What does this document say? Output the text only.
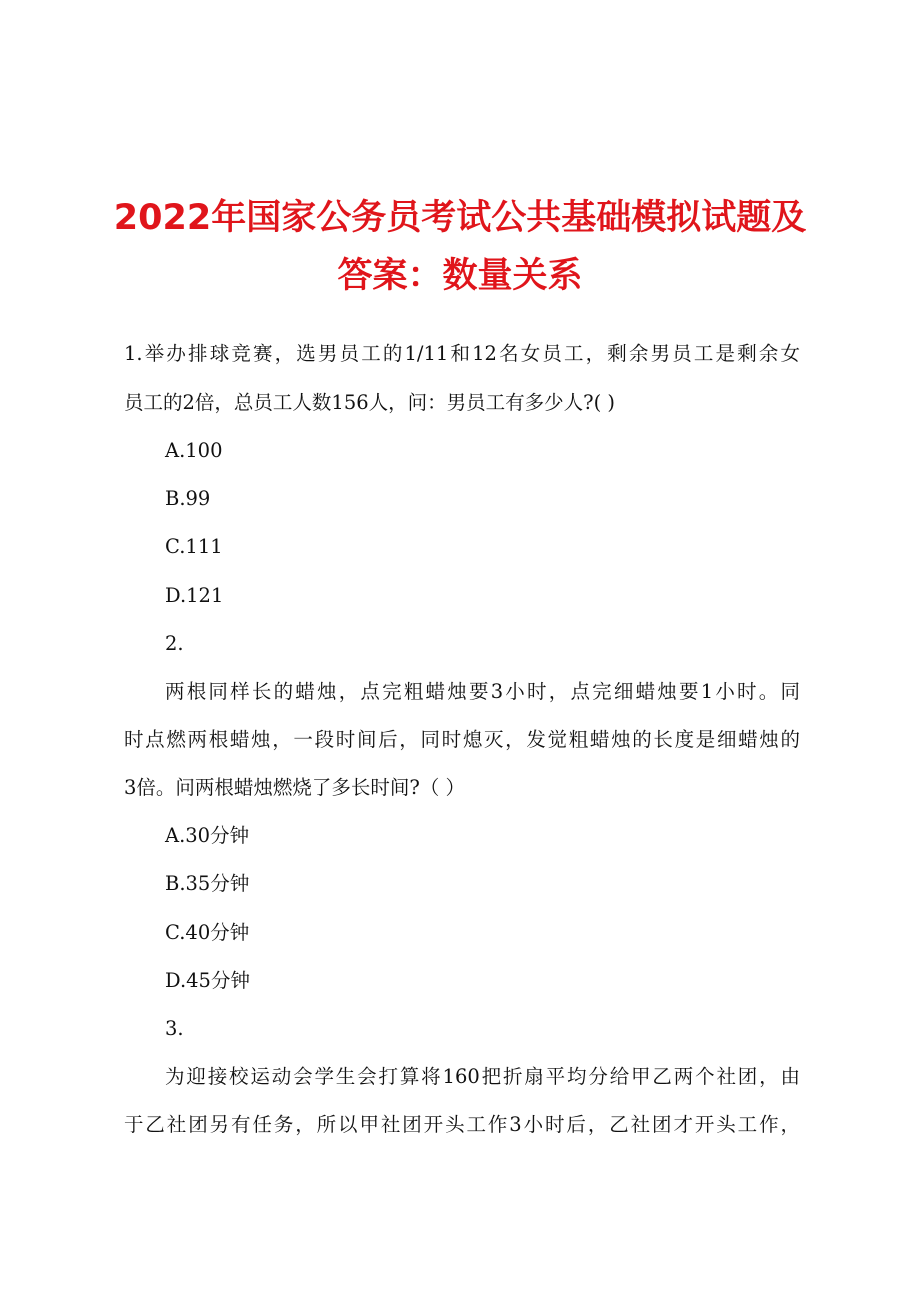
2022年国家公务员考试公共基础模拟试题及
答案：数量关系
1.举办排球竞赛，选男员工的1/11和12名女员工，剩余男员工是剩余女
员工的2倍，总员工人数156人，问：男员工有多少人?( )
A.100
B.99
C.111
D.121
2.
两根同样长的蜡烛，点完粗蜡烛要3小时，点完细蜡烛要1小时。同
时点燃两根蜡烛，一段时间后，同时熄灭，发觉粗蜡烛的长度是细蜡烛的
3倍。问两根蜡烛燃烧了多长时间?（ ）
A.30分钟
B.35分钟
C.40分钟
D.45分钟
3.
为迎接校运动会学生会打算将160把折扇平均分给甲乙两个社团，由
于乙社团另有任务，所以甲社团开头工作3小时后，乙社团才开头工作，
